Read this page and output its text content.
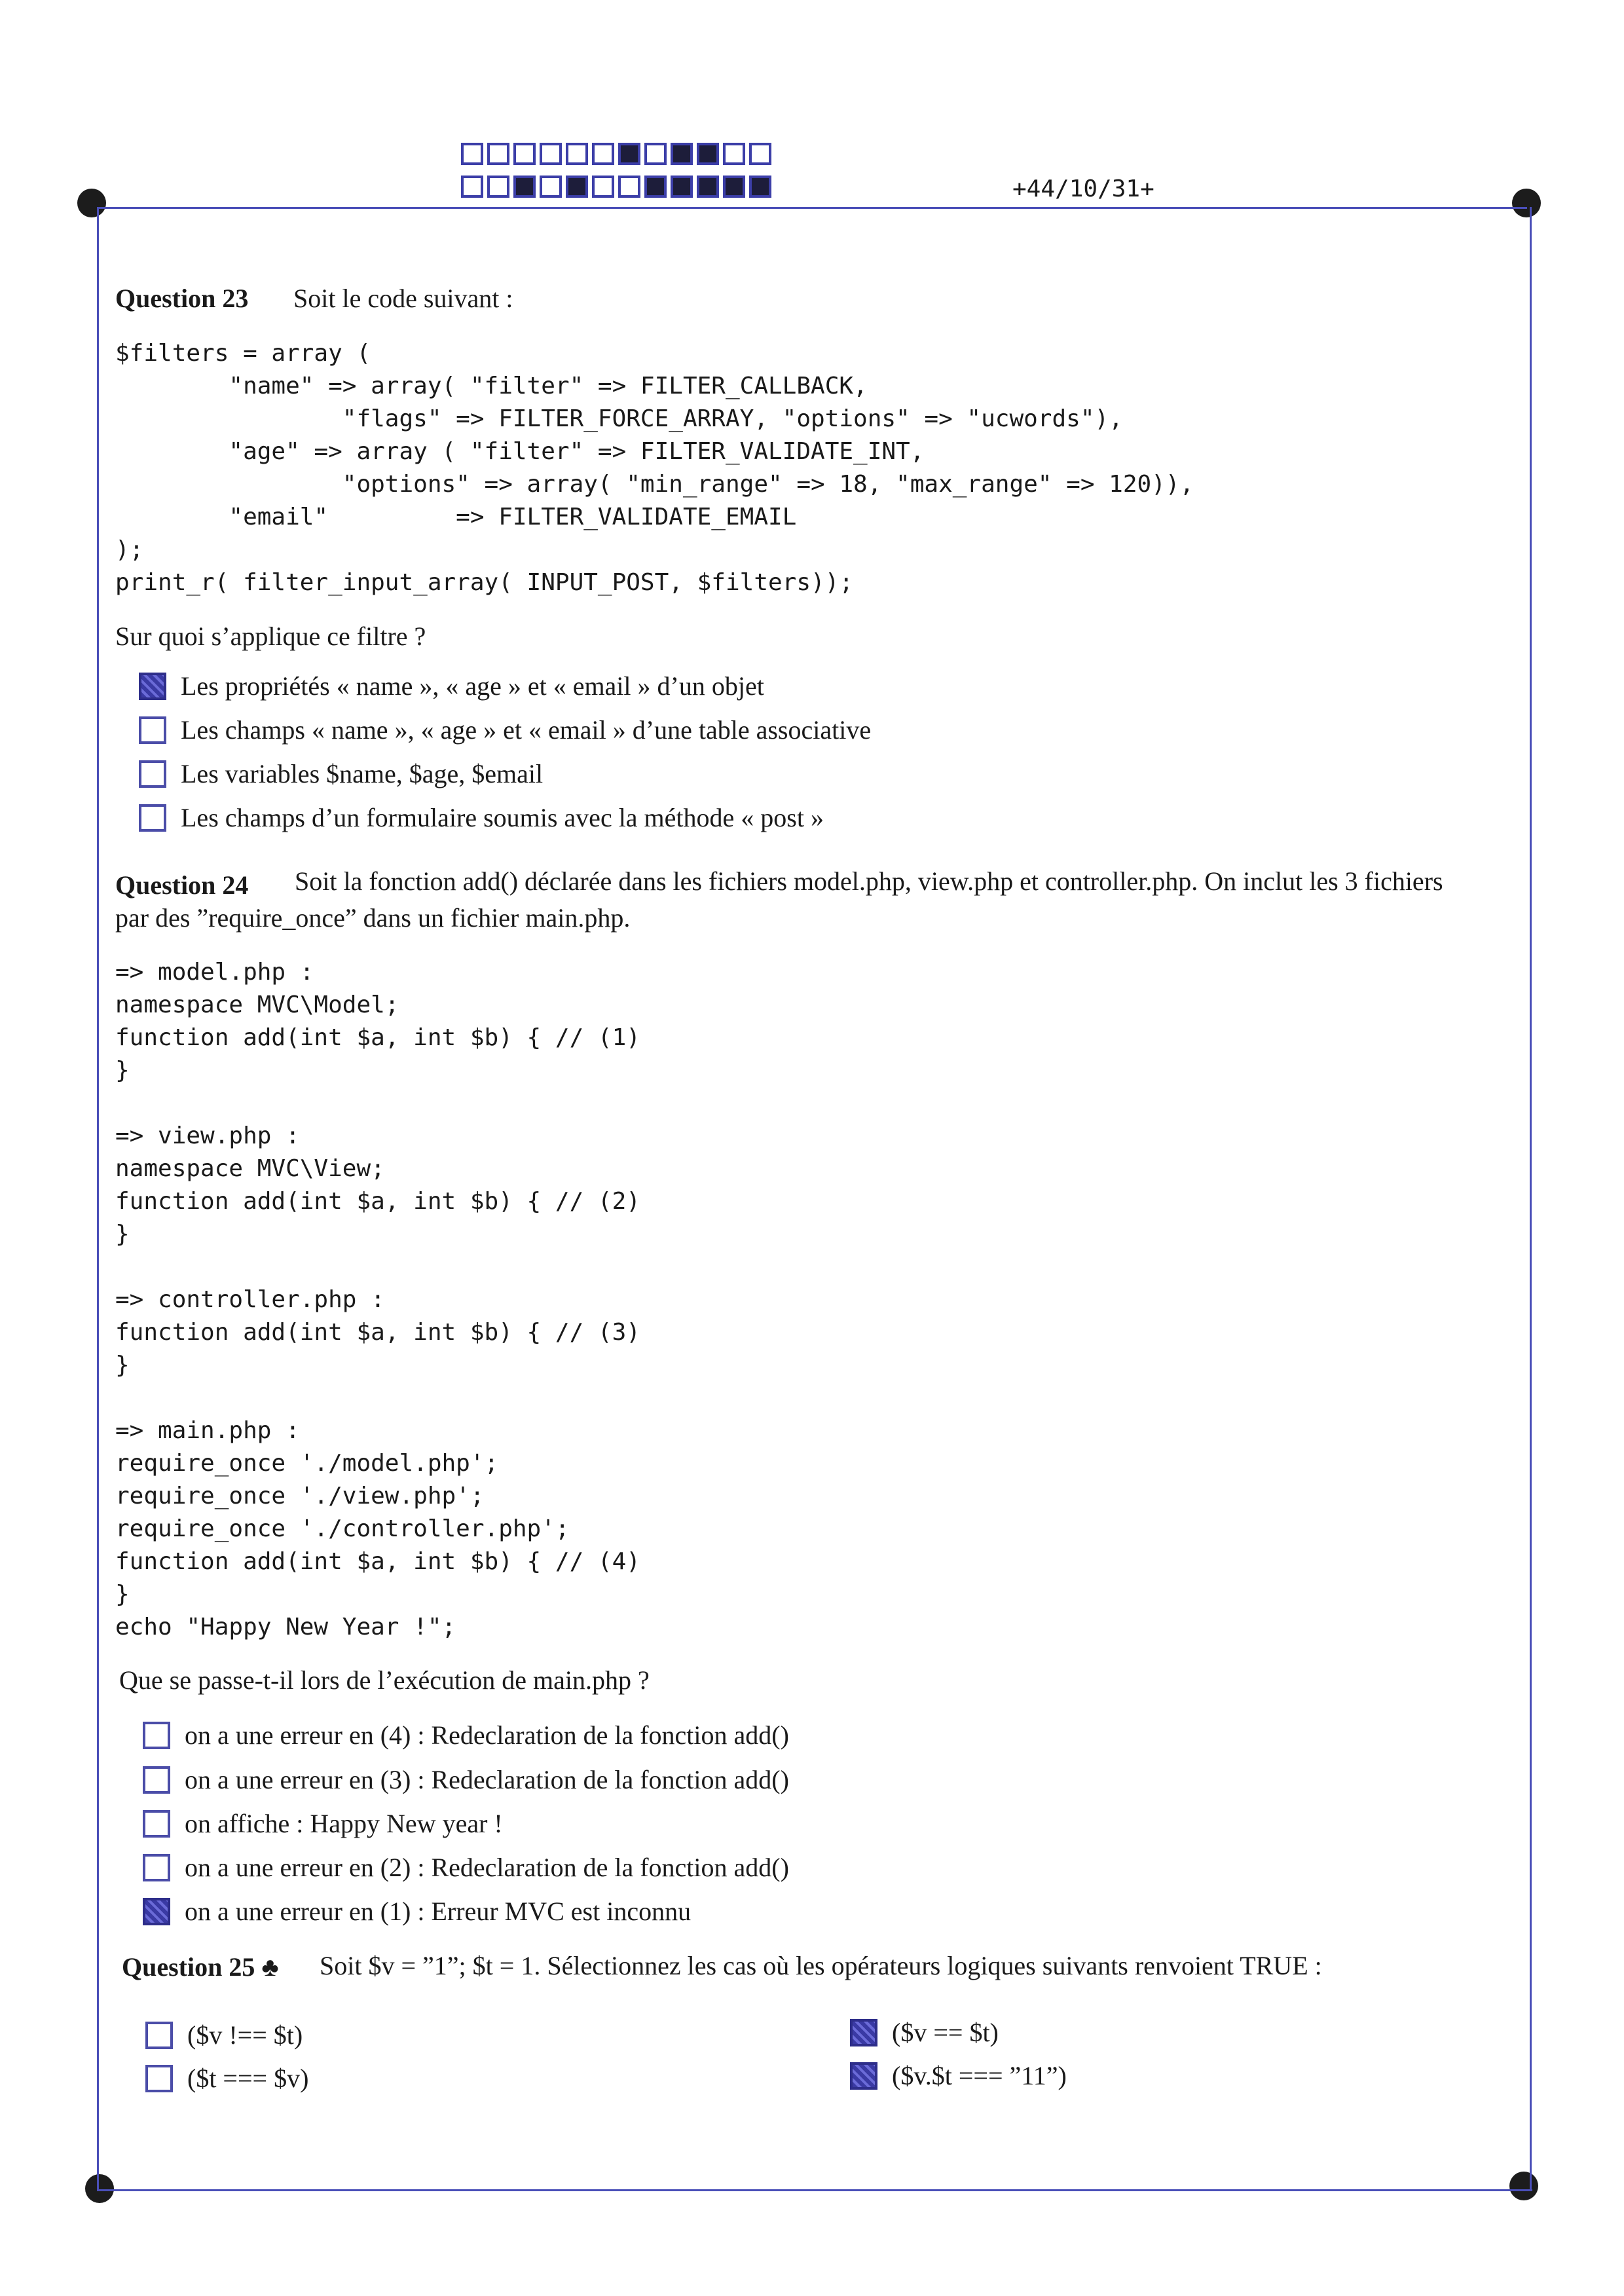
+44/10/31+
Question 23 Soit le code suivant :
$filters = array (
"name" => array( "filter" => FILTER_CALLBACK,
"flags" => FILTER_FORCE_ARRAY, "options" => "ucwords"),
"age" => array ( "filter" => FILTER_VALIDATE_INT,
"options" => array( "min_range" => 18, "max_range" => 120)),
"email"         => FILTER_VALIDATE_EMAIL
);
print_r( filter_input_array( INPUT_POST, $filters));
Sur quoi s’applique ce filtre ?
Les propriétés « name », « age » et « email » d’un objet
Les champs « name », « age » et « email » d’une table associative
Les variables $name, $age, $email
Les champs d’un formulaire soumis avec la méthode « post »
Question 24 Soit la fonction add() déclarée dans les fichiers model.php, view.php et controller.php. On inclut les 3 fichiers
par des ”require_once” dans un fichier main.php.
=> model.php :
namespace MVC\Model;
function add(int $a, int $b) { // (1)
}

=> view.php :
namespace MVC\View;
function add(int $a, int $b) { // (2)
}

=> controller.php :
function add(int $a, int $b) { // (3)
}

=> main.php :
require_once './model.php';
require_once './view.php';
require_once './controller.php';
function add(int $a, int $b) { // (4)
}
echo "Happy New Year !";
Que se passe-t-il lors de l’exécution de main.php ?
on a une erreur en (4) : Redeclaration de la fonction add()
on a une erreur en (3) : Redeclaration de la fonction add()
on affiche : Happy New year !
on a une erreur en (2) : Redeclaration de la fonction add()
on a une erreur en (1) : Erreur MVC est inconnu
Question 25 ♣ Soit $v = ”1”; $t = 1. Sélectionnez les cas où les opérateurs logiques suivants renvoient TRUE :
($v !== $t)	($v == $t)
($t === $v)	($v.$t === ”11”)
